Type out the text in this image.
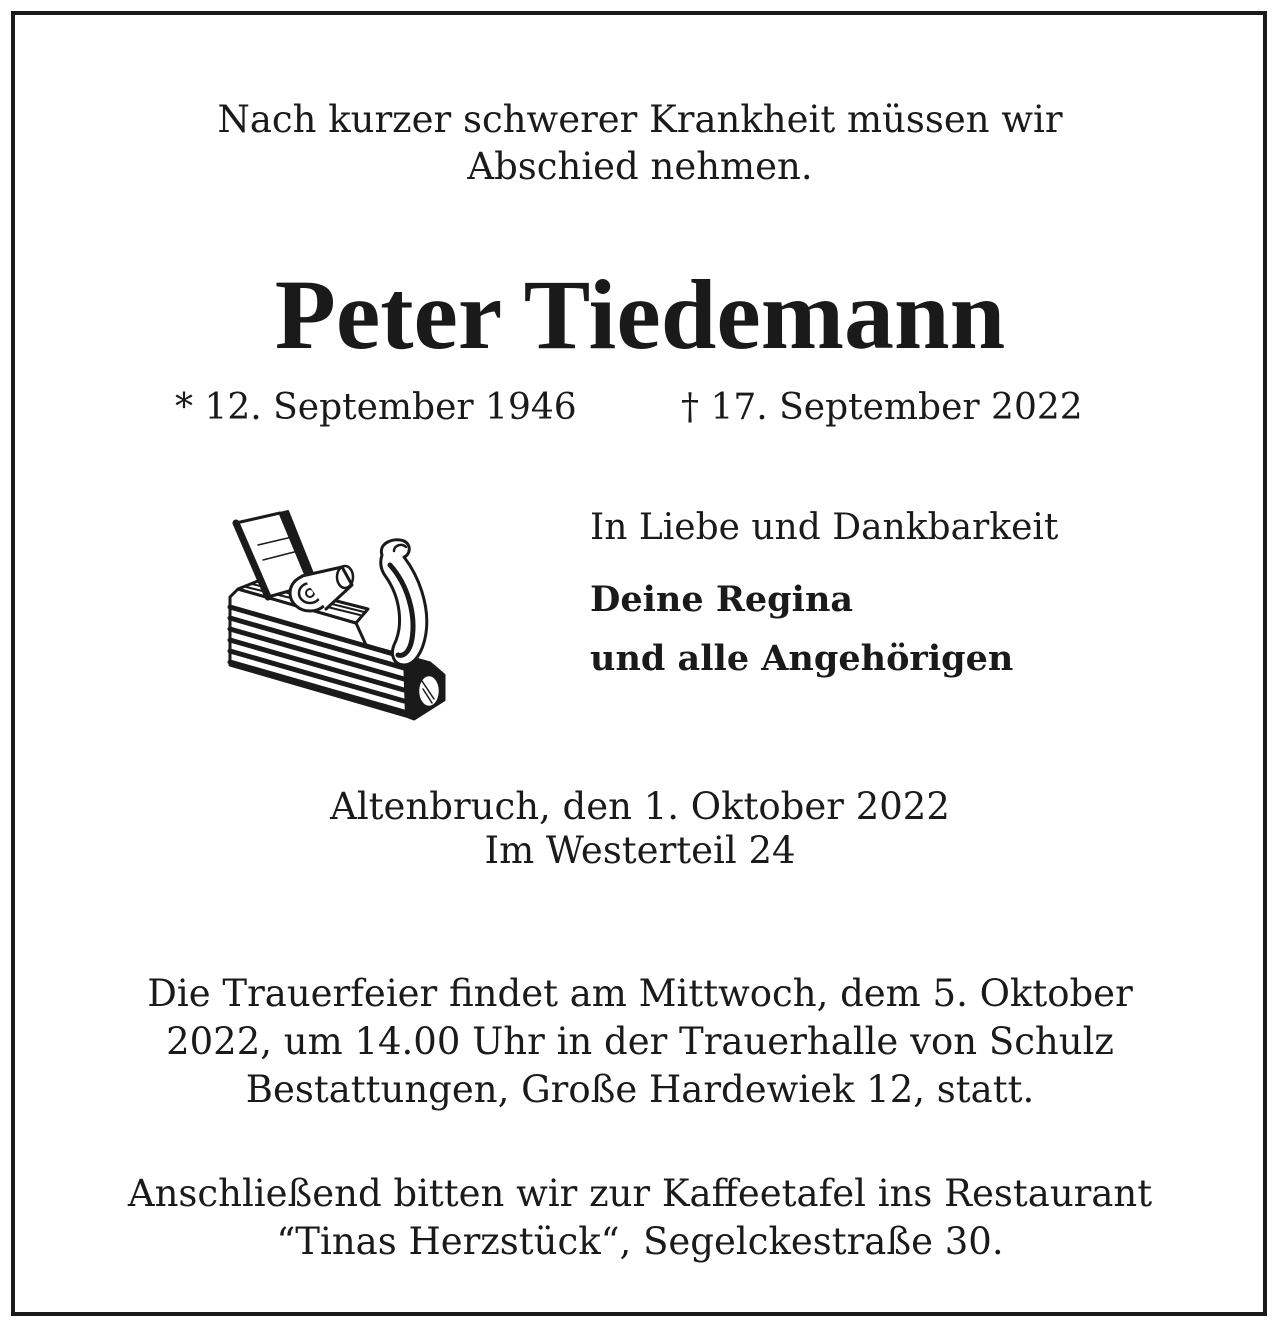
Nach kurzer schwerer Krankheit müssen wir
Abschied nehmen.
Peter Tiedemann
* 12. September 1946	† 17. September 2022
In Liebe und Dankbarkeit
Deine Regina
und alle Angehörigen
Altenbruch, den 1. Oktober 2022
Im Westerteil 24
Die Trauerfeier findet am Mittwoch, dem 5. Oktober
2022, um 14.00 Uhr in der Trauerhalle von Schulz
Bestattungen, Große Hardewiek 12, statt.
Anschließend bitten wir zur Kaffeetafel ins Restaurant
“Tinas Herzstück“, Segelckestraße 30.
